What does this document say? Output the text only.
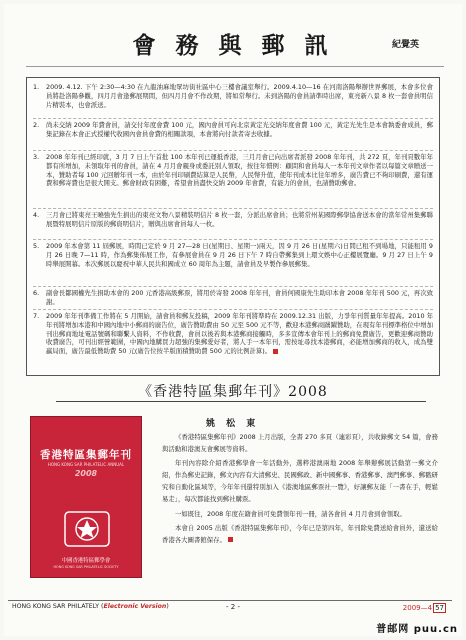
會 務 與 郵 訊	紀覺英
1.	2009. 4.12. 下午 2:30—4:30 在九龍油麻地眾坊街社區中心三樓會議室舉行。2009.4.10—16 在河南洛陽舉辦世界郵展，本會多位會員將赴洛陽參觀，四月月會逢郵展期間，但四月月會不作改期，將如常舉行。未到洛陽的會員請準時出席，東亮新八景 8 枚一套會員明信片精裝本，也會派送。
2.	尚未交納 2009 年費會員，請交付年度會費 100 元，國內會員可向北京黃定光交納年度會費 100 元，黃定光先生是本會執委會成員，郵集記錄在本會正式授權代收國內會員會費的相關款項，本會將向付款者寄去收據。
3.	2008 年年刊已經印就，3 月 7 日上午首批 100 本年刊已運抵香港，三月月會已向出席者派發 2008 年年刊，共 272 頁，年刊頁數年年都有所增加，未領取年刊的會員，請在 4 月月會親身或委託別人領取，按往年慣例：顧問和會員每人一本年刊文章作者以每篇文章贈送一本，贊助者每 100 元回贈年刊一本，由於年刊印刷費結算是人民幣，人民幣升值，使年刊成本比往年增多，廣告費已不夠印刷費，還有運費和郵寄費也是很大開支。郵會財政有困難，希望會員盡快交納 2009 年會費，有能力的會員，也請贊助郵會。
4.	三月會已將東亮王曉強先生捐出的東亮文物八景精裝明信片 8 枚一套，分派出席會員；也將常州某國際郵學協會送本會的當年常州集郵聯展暨特展明信片原版的郵資明信片，贈與出席會員每人一枚。
5.	2009 年本會第 11 屆郵展，時間已定於 9 月 27—28 日(星期日、星期一)兩天，因 9 月 26 日(星期六)日間已租不到場地，只能租用 9 月 26 日晚 7—11 時，作為郵集佈展工作，有參展會員在 9 月 26 日下午 7 時自帶郵集到上環文娛中心正樓展覽廳。9 月 27 日上午 9 時舉展開幕。本次郵展以慶祝中華人民共和國成立 60 周年為主題，請會員及早製作參展郵集。
6.	副會長鄒國權先生捐助本會的 200 元香港高級郵票，將用於寄發 2008 年年刊，會員何國康先生助印本會 2008 年年刊 500 元，再次致謝。
7.	2009 年年刊準備工作將在 5 月開始，請會員和郵友投稿，2009 年年刊將準時在 2009.12.31 出版，力爭年刊質量年年提高。2010 年年刊將增加本港和中國內地中小郵商的廣告位，廣告贊助費由 50 元至 500 元不等，歡迎本港郵商踴躍贊助，在現有年刊標準格位中增加刊出郵商地址電話號碼和聯繫人資料，不作收費，會員以後若與本港郵商接觸時，多多宣傳本會年刊上的郵商免費廣告，更歡迎郵商贊助收費廣告，可刊出經營範圍，中國內地購買力超強的集郵愛好者，將人手一本年刊，需按址尋找本港郵商，必能增加郵商的收入，成為雙贏局面，廣告最低贊助費 50 元(廣告位按半版面積贊助費 500 元的比例計算)。
《香港特區集郵年刊》2008
香港特區集郵年刊
HONG KONG SAR PHILATELIC ANNUAL
2008
中國香港特區郵學會
HONG KONG SAR PHILATELIC SOCIETY
姚 松 東

《香港特區集郵年刊》2008 上月出版，全書 270 多頁（連彩頁），共收錄郵文 54 篇，會務與活動和港澳友會郵展等資料。

年刊內容除介紹香港郵學會一年活動外，選粹港澳兩地 2008 年舉辦郵展活動第一郵文介紹，作為郵史記錄，郵文內容有大清郵史、民國郵政、新中國郵事、香港郵事、澳門郵事、郵戳研究和自動化區域等，今年年刊還特別加入《港澳地區郵票社一覽》，好讓郵友能「一書在手，輕鬆易走」，每次都能找到郵社購票。

一如既往，2008 年度在籍會員可免費領年刊一冊，請各會員 4 月月會到會領取。

本會自 2005 出版《香港特區集郵年刊》，今年已是第四年，年刊除免費送給會員外，還送給香港各大圖書館保存。

HONG KONG SAR PHILATELY (Electronic Version)	- 2 -	2009—4 57
普邮网 puu.cn
